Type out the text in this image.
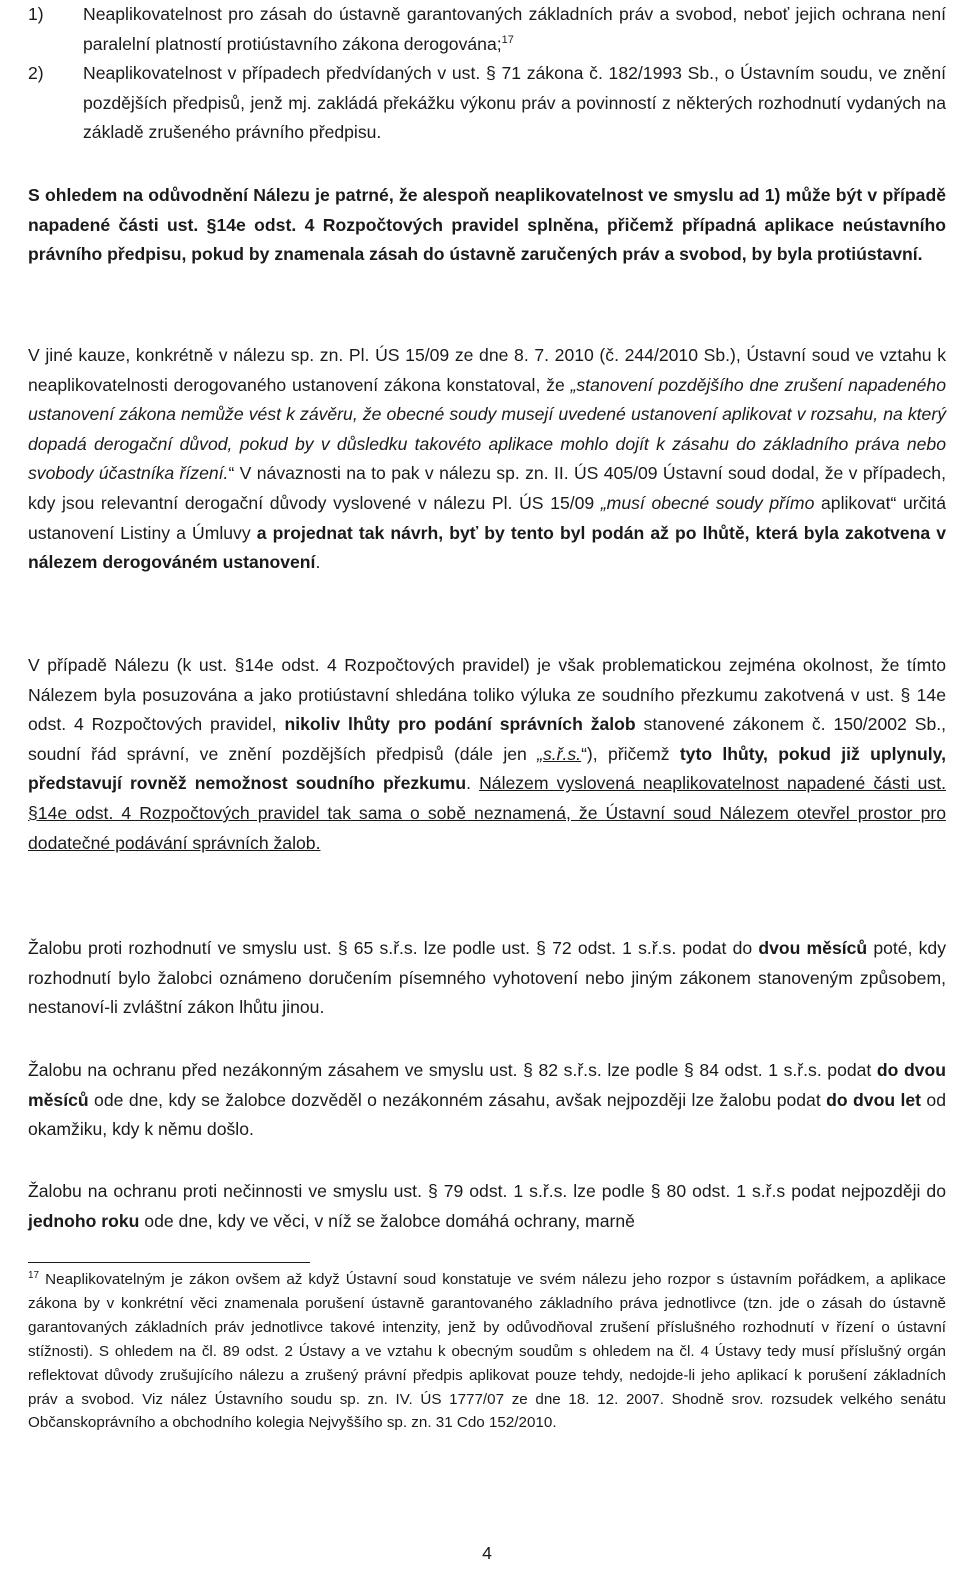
1) Neaplikovatelnost pro zásah do ústavně garantovaných základních práv a svobod, neboť jejich ochrana není paralelní platností protiústavního zákona derogována;$^{17}$
2) Neaplikovatelnost v případech předvídaných v ust. § 71 zákona č. 182/1993 Sb., o Ústavním soudu, ve znění pozdějších předpisů, jenž mj. zakládá překážku výkonu práv a povinností z některých rozhodnutí vydaných na základě zrušeného právního předpisu.

S ohledem na odůvodnění Nálezu je patrné, že alespoň neaplikovatelnost ve smyslu ad 1) může být v případě napadené části ust. §14e odst. 4 Rozpočtových pravidel splněna, přičemž případná aplikace neústavního právního předpisu, pokud by znamenala zásah do ústavně zaručených práv a svobod, by byla protiústavní.

V jiné kauze, konkrétně v nálezu sp. zn. Pl. ÚS 15/09 ze dne 8. 7. 2010 (č. 244/2010 Sb.), Ústavní soud ve vztahu k neaplikovatelnosti derogovaného ustanovení zákona konstatoval, že „stanovení pozdějšího dne zrušení napadeného ustanovení zákona nemůže vést k závěru, že obecné soudy musejí uvedené ustanovení aplikovat v rozsahu, na který dopadá derogační důvod, pokud by v důsledku takovéto aplikace mohlo dojít k zásahu do základního práva nebo svobody účastníka řízení.“ V návaznosti na to pak v nálezu sp. zn. II. ÚS 405/09 Ústavní soud dodal, že v případech, kdy jsou relevantní derogační důvody vyslovené v nálezu Pl. ÚS 15/09 „musí obecné soudy přímo aplikovat“ určitá ustanovení Listiny a Úmluvy a projednat tak návrh, byť by tento byl podán až po lhůtě, která byla zakotvena v nálezem derogováném ustanovení.

V případě Nálezu (k ust. §14e odst. 4 Rozpočtových pravidel) je však problematickou zejména okolnost, že tímto Nálezem byla posuzována a jako protiústavní shledána toliko výluka ze soudního přezkumu zakotvená v ust. § 14e odst. 4 Rozpočtových pravidel, nikoliv lhůty pro podání správních žalob stanovené zákonem č. 150/2002 Sb., soudní řád správní, ve znění pozdějších předpisů (dále jen „s.ř.s.“), přičemž tyto lhůty, pokud již uplynuly, představují rovněž nemožnost soudního přezkumu. Nálezem vyslovená neaplikovatelnost napadené části ust. §14e odst. 4 Rozpočtových pravidel tak sama o sobě neznamená, že Ústavní soud Nálezem otevřel prostor pro dodatečné podávání správních žalob.

Žalobu proti rozhodnutí ve smyslu ust. § 65 s.ř.s. lze podle ust. § 72 odst. 1 s.ř.s. podat do dvou měsíců poté, kdy rozhodnutí bylo žalobci oznámeno doručením písemného vyhotovení nebo jiným zákonem stanoveným způsobem, nestanoví-li zvláštní zákon lhůtu jinou.

Žalobu na ochranu před nezákonným zásahem ve smyslu ust. § 82 s.ř.s. lze podle § 84 odst. 1 s.ř.s. podat do dvou měsíců ode dne, kdy se žalobce dozvěděl o nezákonném zásahu, avšak nejpozději lze žalobu podat do dvou let od okamžiku, kdy k němu došlo.

Žalobu na ochranu proti nečinnosti ve smyslu ust. § 79 odst. 1 s.ř.s. lze podle § 80 odst. 1 s.ř.s podat nejpozději do jednoho roku ode dne, kdy ve věci, v níž se žalobce domáhá ochrany, marně

$^{17}$ Neaplikovatelným je zákon ovšem až když Ústavní soud konstatuje ve svém nálezu jeho rozpor s ústavním pořádkem, a aplikace zákona by v konkrétní věci znamenala porušení ústavně garantovaného základního práva jednotlivce (tzn. jde o zásah do ústavně garantovaných základních práv jednotlivce takové intenzity, jenž by odůvodňoval zrušení příslušného rozhodnutí v řízení o ústavní stížnosti). S ohledem na čl. 89 odst. 2 Ústavy a ve vztahu k obecným soudům s ohledem na čl. 4 Ústavy tedy musí příslušný orgán reflektovat důvody zrušujícího nálezu a zrušený právní předpis aplikovat pouze tehdy, nedojde-li jeho aplikací k porušení základních práv a svobod. Viz nález Ústavního soudu sp. zn. IV. ÚS 1777/07 ze dne 18. 12. 2007. Shodně srov. rozsudek velkého senátu Občanskoprávního a obchodního kolegia Nejvyššího sp. zn. 31 Cdo 152/2010.
4
